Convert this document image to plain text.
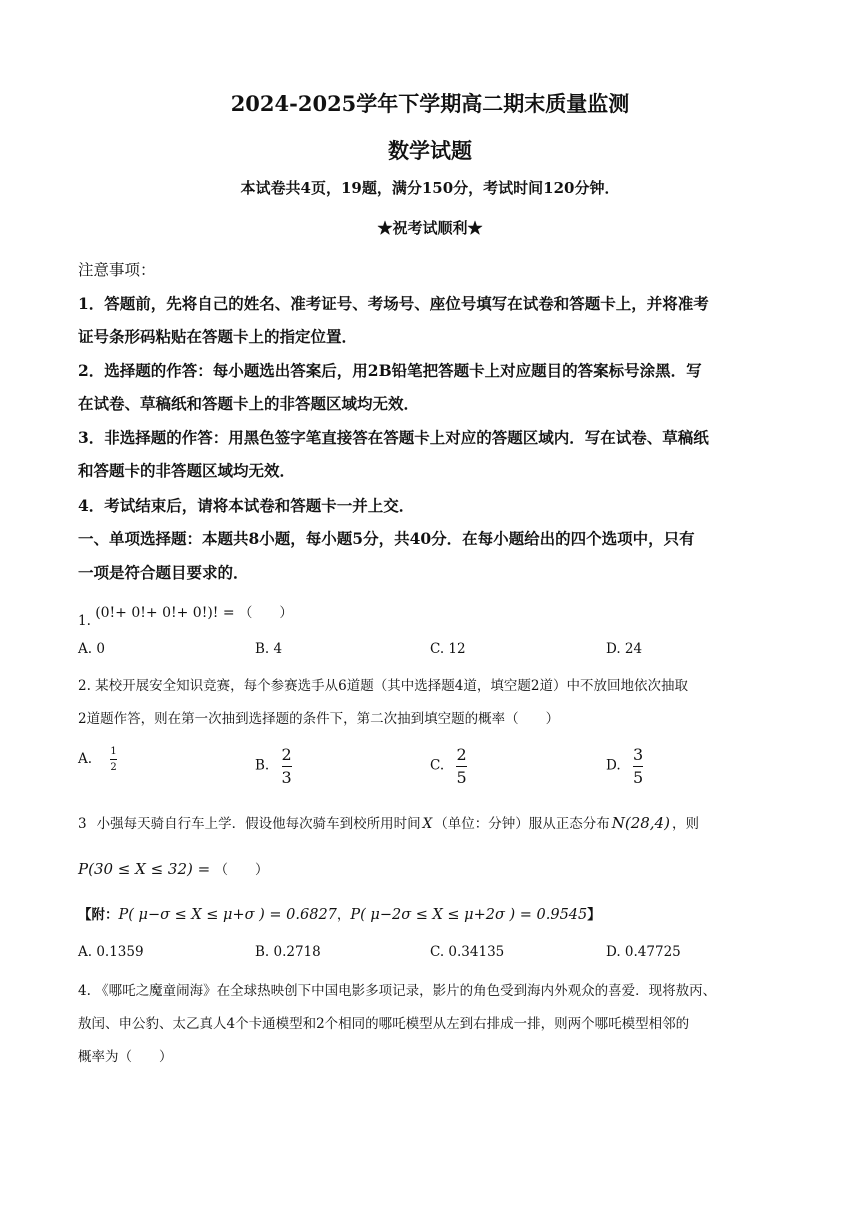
2024-2025学年下学期高二期末质量监测
数学试题
本试卷共4页，19题，满分150分，考试时间120分钟．
★祝考试顺利★
注意事项：
1．答题前，先将自己的姓名、准考证号、考场号、座位号填写在试卷和答题卡上，并将准考
证号条形码粘贴在答题卡上的指定位置．
2．选择题的作答：每小题选出答案后，用2B铅笔把答题卡上对应题目的答案标号涂黑．写
在试卷、草稿纸和答题卡上的非答题区域均无效．
3．非选择题的作答：用黑色签字笔直接答在答题卡上对应的答题区域内．写在试卷、草稿纸
和答题卡的非答题区域均无效．
4．考试结束后，请将本试卷和答题卡一并上交．
一、单项选择题：本题共8小题，每小题5分，共40分．在每小题给出的四个选项中，只有
一项是符合题目要求的．
1. (0!+ 0!+ 0!+ 0!)! = （　　）
A. 0	B. 4	C. 12	D. 24
2. 某校开展安全知识竞赛，每个参赛选手从6道题（其中选择题4道，填空题2道）中不放回地依次抽取
2道题作答，则在第一次抽到选择题的条件下，第二次抽到填空题的概率（　　）
A. $\frac{1}{2}$	B. $\frac{2}{3}$	C. $\frac{2}{5}$	D. $\frac{3}{5}$
3 小强每天骑自行车上学．假设他每次骑车到校所用时间 X （单位：分钟）服从正态分布 N(28,4) ，则
P(30 ≤ X ≤ 32) = （　　）
【附：P( μ−σ ≤ X ≤ μ+σ ) = 0.6827，P( μ−2σ ≤ X ≤ μ+2σ ) = 0.9545】
A. 0.1359	B. 0.2718	C. 0.34135	D. 0.47725
4. 《哪吒之魔童闹海》在全球热映创下中国电影多项记录，影片的角色受到海内外观众的喜爱．现将敖丙、
敖闰、申公豹、太乙真人4个卡通模型和2个相同的哪吒模型从左到右排成一排，则两个哪吒模型相邻的
概率为（　　）
